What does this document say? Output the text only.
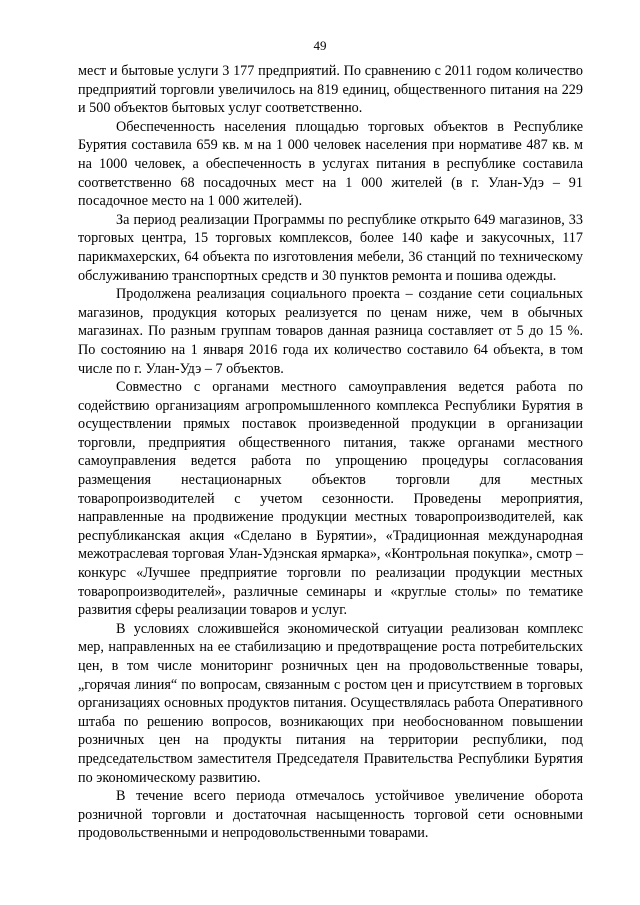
49

мест и бытовые услуги 3 177 предприятий. По сравнению с 2011 годом количество предприятий торговли увеличилось на 819 единиц, общественного питания на 229 и 500 объектов бытовых услуг соответственно.

Обеспеченность населения площадью торговых объектов в Республике Бурятия составила 659 кв. м на 1 000 человек населения при нормативе 487 кв. м на 1000 человек, а обеспеченность в услугах питания в республике составила соответственно 68 посадочных мест на 1 000 жителей (в г. Улан-Удэ – 91 посадочное место на 1 000 жителей).

За период реализации Программы по республике открыто 649 магазинов, 33 торговых центра, 15 торговых комплексов, более 140 кафе и закусочных, 117 парикмахерских, 64 объекта по изготовления мебели, 36 станций по техническому обслуживанию транспортных средств и 30 пунктов ремонта и пошива одежды.

Продолжена реализация социального проекта – создание сети социальных магазинов, продукция которых реализуется по ценам ниже, чем в обычных магазинах. По разным группам товаров данная разница составляет от 5 до 15 %. По состоянию на 1 января 2016 года их количество составило 64 объекта, в том числе по г. Улан-Удэ – 7 объектов.

Совместно с органами местного самоуправления ведется работа по содействию организациям агропромышленного комплекса Республики Бурятия в осуществлении прямых поставок произведенной продукции в организации торговли, предприятия общественного питания, также органами местного самоуправления ведется работа по упрощению процедуры согласования размещения нестационарных объектов торговли для местных товаропроизводителей с учетом сезонности. Проведены мероприятия, направленные на продвижение продукции местных товаропроизводителей, как республиканская акция «Сделано в Бурятии», «Традиционная международная межотраслевая торговая Улан-Удэнская ярмарка», «Контрольная покупка», смотр – конкурс «Лучшее предприятие торговли по реализации продукции местных товаропроизводителей», различные семинары и «круглые столы» по тематике развития сферы реализации товаров и услуг.

В условиях сложившейся экономической ситуации реализован комплекс мер, направленных на ее стабилизацию и предотвращение роста потребительских цен, в том числе мониторинг розничных цен на продовольственные товары, „горячая линия“ по вопросам, связанным с ростом цен и присутствием в торговых организациях основных продуктов питания. Осуществлялась работа Оперативного штаба по решению вопросов, возникающих при необоснованном повышении розничных цен на продукты питания на территории республики, под председательством заместителя Председателя Правительства Республики Бурятия по экономическому развитию.

В течение всего периода отмечалось устойчивое увеличение оборота розничной торговли и достаточная насыщенность торговой сети основными продовольственными и непродовольственными товарами.
